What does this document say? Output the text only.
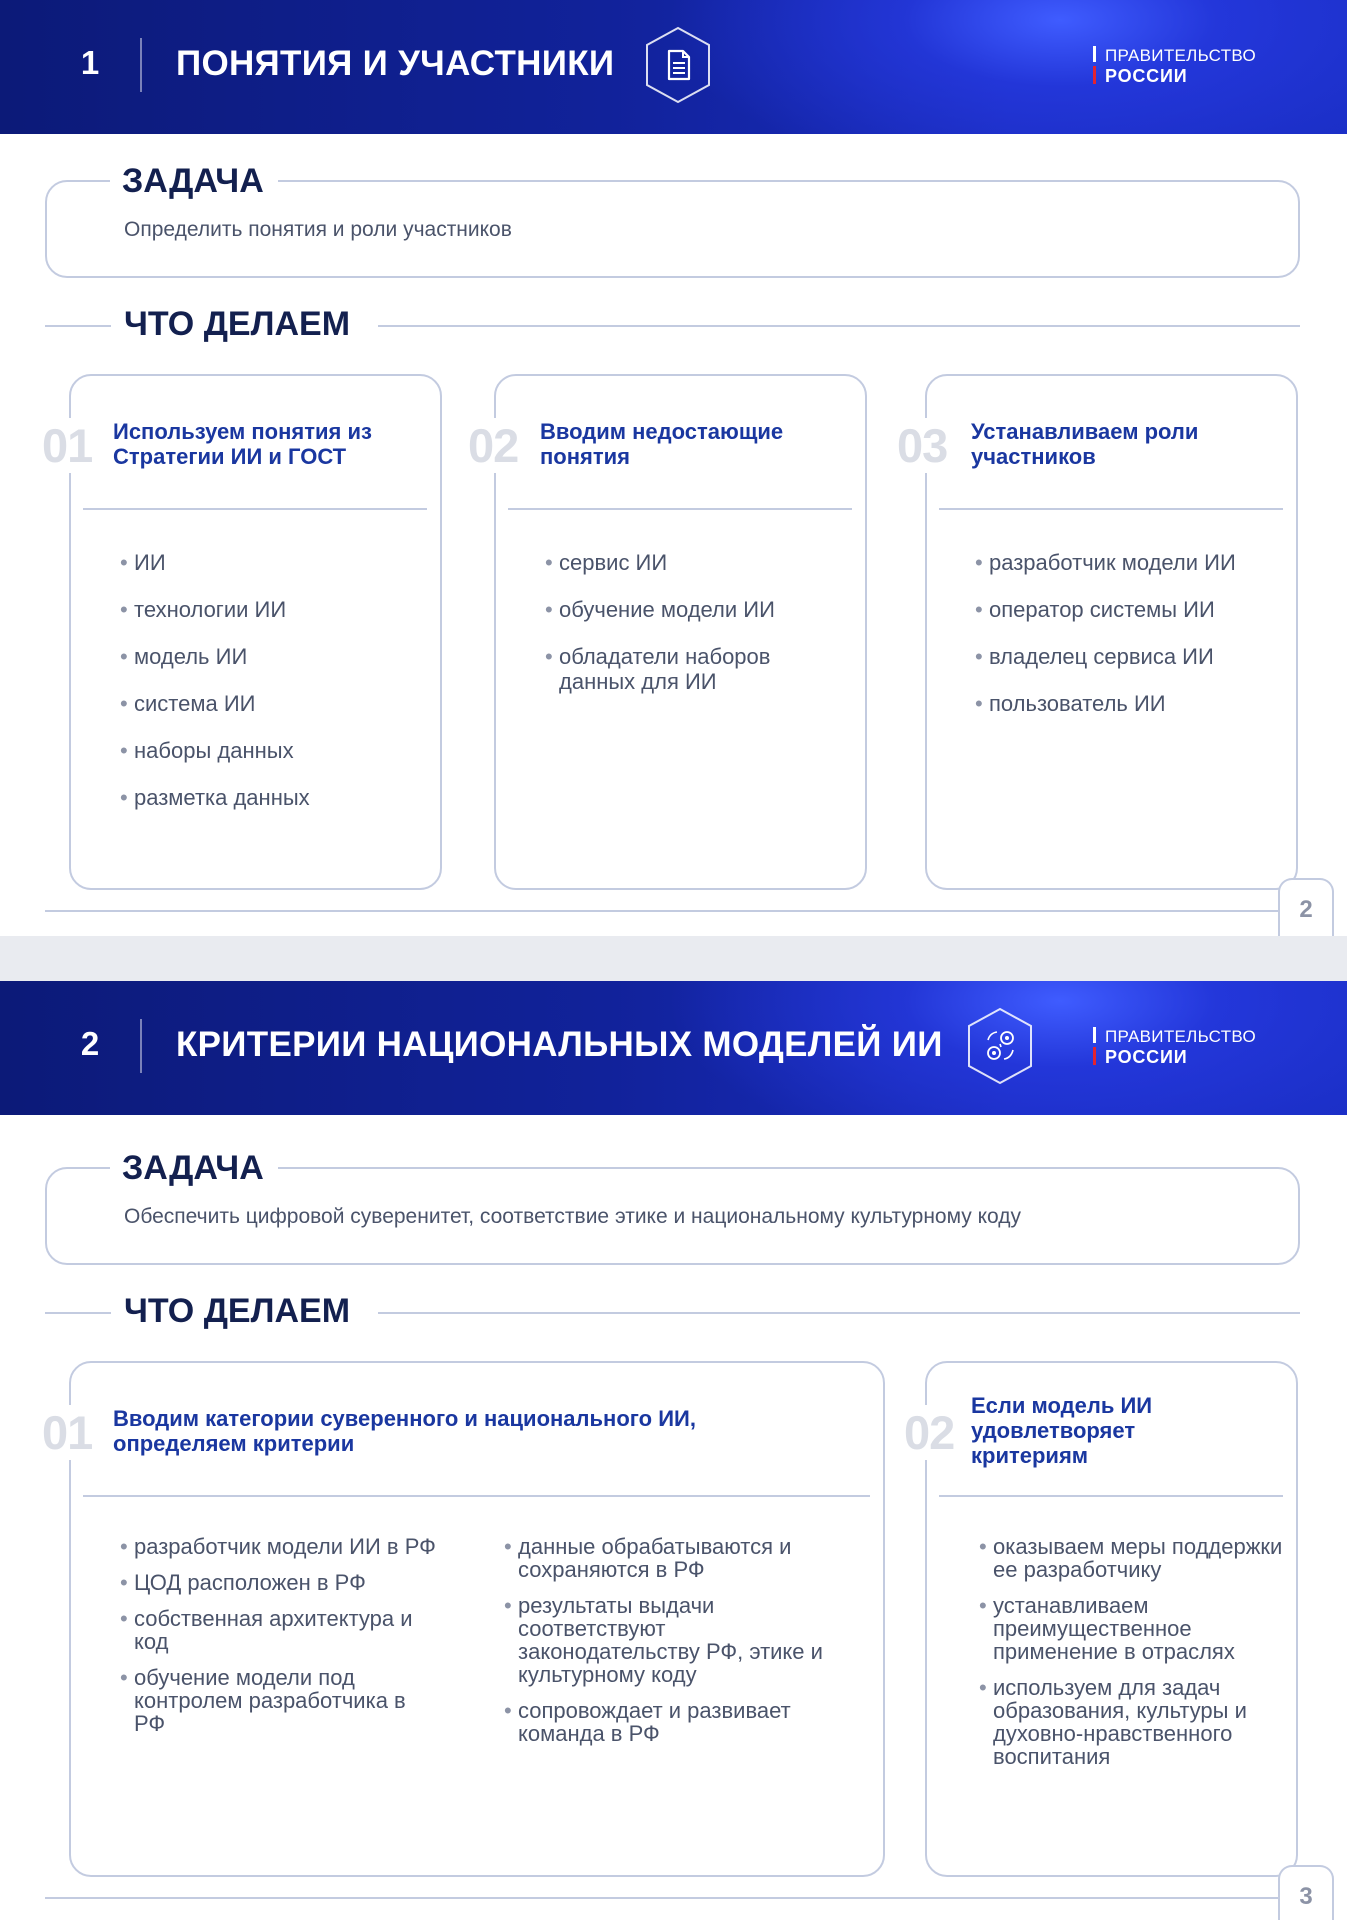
1 ПОНЯТИЯ И УЧАСТНИКИ	ПРАВИТЕЛЬСТВО
РОССИИ
ЗАДАЧА
Определить понятия и роли участников
ЧТО ДЕЛАЕМ
01 Используем понятия из Стратегии ИИ и ГОСТ
• ИИ
• технологии ИИ
• модель ИИ
• система ИИ
• наборы данных
• разметка данных
02 Вводим недостающие понятия
• сервис ИИ
• обучение модели ИИ
• обладатели наборов данных для ИИ
03 Устанавливаем роли участников
• разработчик модели ИИ
• оператор системы ИИ
• владелец сервиса ИИ
• пользователь ИИ
2
2 КРИТЕРИИ НАЦИОНАЛЬНЫХ МОДЕЛЕЙ ИИ	ПРАВИТЕЛЬСТВО
РОССИИ
ЗАДАЧА
Обеспечить цифровой суверенитет, соответствие этике и национальному культурному коду
ЧТО ДЕЛАЕМ
01 Вводим категории суверенного и национального ИИ, определяем критерии
• разработчик модели ИИ в РФ
• ЦОД расположен в РФ
• собственная архитектура и код
• обучение модели под контролем разработчика в РФ
• данные обрабатываются и сохраняются в РФ
• результаты выдачи соответствуют законодательству РФ, этике и культурному коду
• сопровождает и развивает команда в РФ
02
Если модель ИИ удовлетворяет критериям
• оказываем меры поддержки ее разработчику
• устанавливаем преимущественное применение в отраслях
• используем для задач образования, культуры и духовно-нравственного воспитания
3
